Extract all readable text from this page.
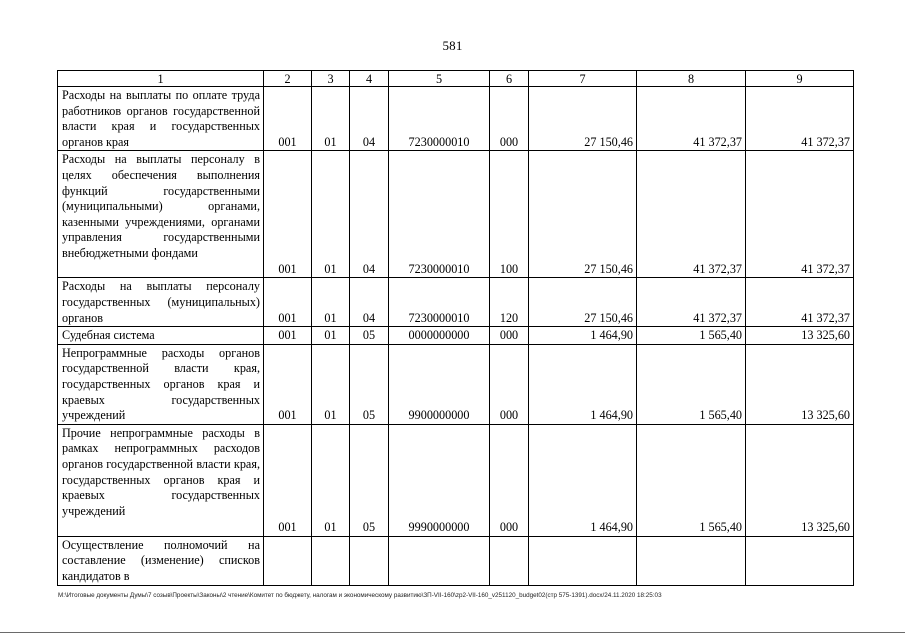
581
1	2	3	4	5	6	7	8	9
Расходы на выплаты по оплате труда работников органов государственной власти края и государственных органов края	001	01	04	7230000010	000	27 150,46	41 372,37	41 372,37
Расходы на выплаты персоналу в целях обеспечения выполнения функций государственными (муниципальными) органами, казенными учреждениями, органами управления государственными внебюджетными фондами	001	01	04	7230000010	100	27 150,46	41 372,37	41 372,37
Расходы на выплаты персоналу государственных (муниципальных) органов	001	01	04	7230000010	120	27 150,46	41 372,37	41 372,37
Судебная система	001	01	05	0000000000	000	1 464,90	1 565,40	13 325,60
Непрограммные расходы органов государственной власти края, государственных органов края и краевых государственных учреждений	001	01	05	9900000000	000	1 464,90	1 565,40	13 325,60
Прочие непрограммные расходы в рамках непрограммных расходов органов государственной власти края, государственных органов края и краевых государственных учреждений	001	01	05	9990000000	000	1 464,90	1 565,40	13 325,60
Осуществление полномочий на составление (изменение) списков кандидатов в								
M:\Итоговые документы Думы\7 созыв\Проекты\Законы\2 чтение\Комитет по бюджету, налогам и экономическому развитию\ЗП-VII-160\zp2-VII-160_v251120_budget02(стр 575-1391).docx/24.11.2020 18:25:03
